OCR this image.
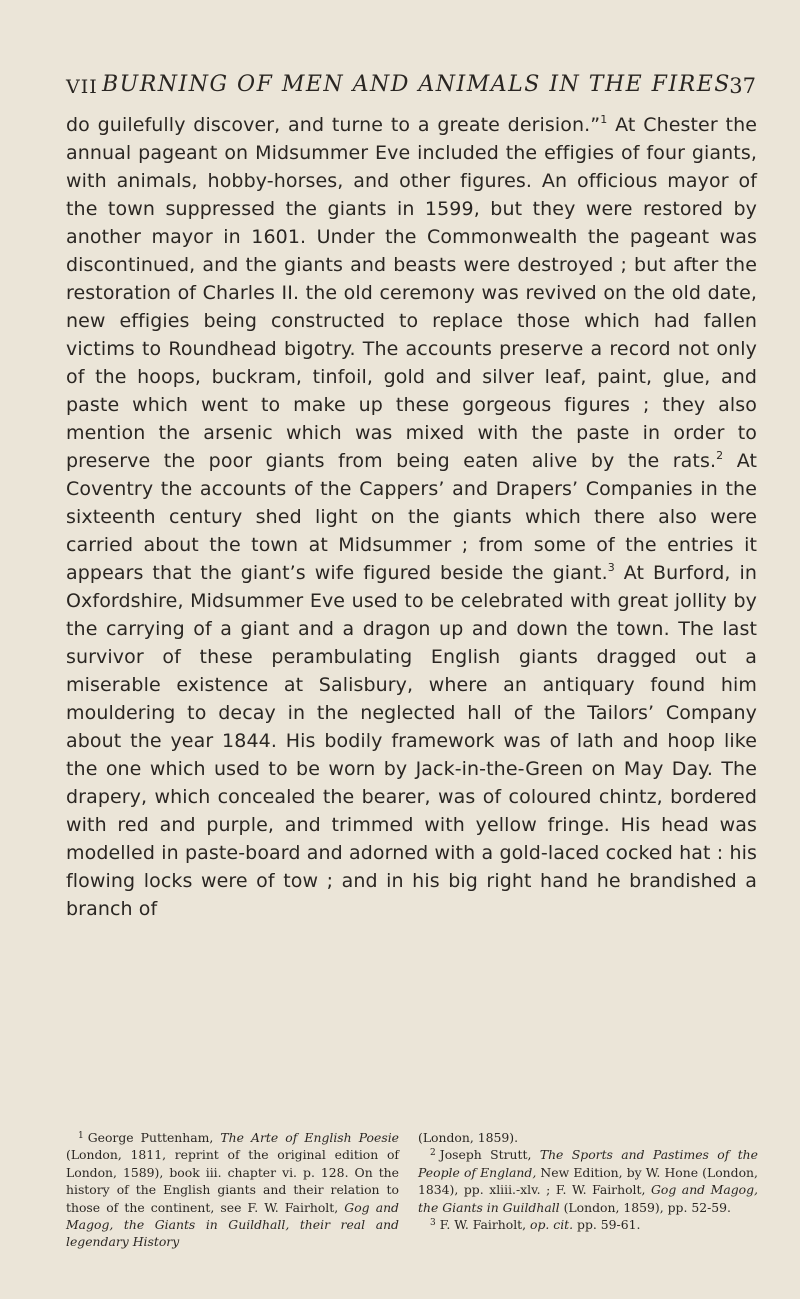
VII BURNING OF MEN AND ANIMALS IN THE FIRES
37

do guilefully discover, and turne to a greate derision.”$^1$ At Chester the annual pageant on Midsummer Eve included the effigies of four giants, with animals, hobby-horses, and other figures. An officious mayor of the town suppressed the giants in 1599, but they were restored by another mayor in 1601. Under the Commonwealth the pageant was discontinued, and the giants and beasts were destroyed ; but after the restoration of Charles II. the old ceremony was revived on the old date, new effigies being constructed to replace those which had fallen victims to Roundhead bigotry. The accounts preserve a record not only of the hoops, buckram, tinfoil, gold and silver leaf, paint, glue, and paste which went to make up these gorgeous figures ; they also mention the arsenic which was mixed with the paste in order to preserve the poor giants from being eaten alive by the rats.$^2$ At Coventry the accounts of the Cappers’ and Drapers’ Companies in the sixteenth century shed light on the giants which there also were carried about the town at Midsummer ; from some of the entries it appears that the giant’s wife figured beside the giant.$^3$ At Burford, in Oxfordshire, Midsummer Eve used to be celebrated with great jollity by the carrying of a giant and a dragon up and down the town. The last survivor of these perambulating English giants dragged out a miserable existence at Salisbury, where an antiquary found him mouldering to decay in the neglected hall of the Tailors’ Company about the year 1844. His bodily framework was of lath and hoop like the one which used to be worn by Jack-in-the-Green on May Day. The drapery, which concealed the bearer, was of coloured chintz, bordered with red and purple, and trimmed with yellow fringe. His head was modelled in paste-board and adorned with a gold-laced cocked hat : his flowing locks were of tow ; and in his big right hand he brandished a branch of

$^1$ George Puttenham, The Arte of English Poesie (London, 1811, reprint of the original edition of London, 1589), book iii. chapter vi. p. 128. On the history of the English giants and their relation to those of the continent, see F. W. Fairholt, Gog and Magog, the Giants in Guildhall, their real and legendary History

(London, 1859).

$^2$ Joseph Strutt, The Sports and Pastimes of the People of England, New Edition, by W. Hone (London, 1834), pp. xliii.-xlv. ; F. W. Fairholt, Gog and Magog, the Giants in Guildhall (London, 1859), pp. 52-59.

$^3$ F. W. Fairholt, op. cit. pp. 59-61.
